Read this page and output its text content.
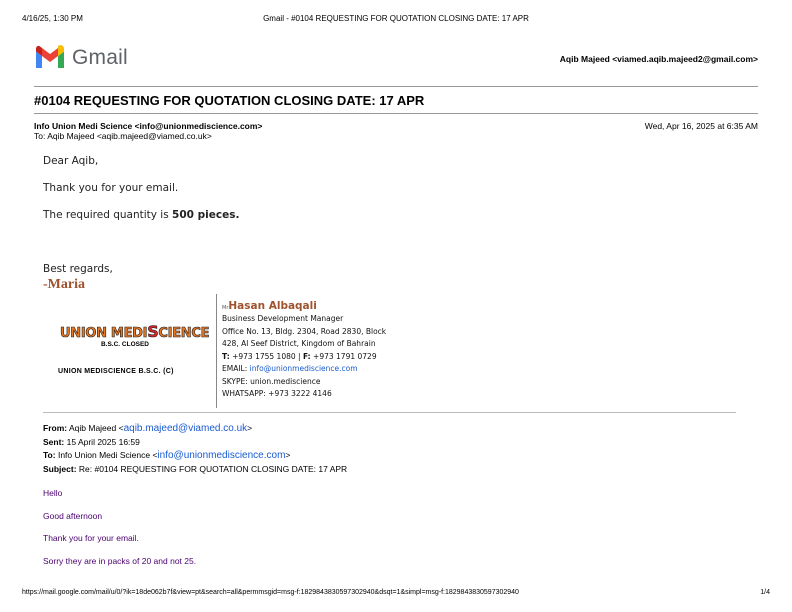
4/16/25, 1:30 PM	Gmail - #0104 REQUESTING FOR QUOTATION CLOSING DATE: 17 APR
Gmail	Aqib Majeed <viamed.aqib.majeed2@gmail.com>
#0104 REQUESTING FOR QUOTATION CLOSING DATE: 17 APR
Info Union Medi Science <info@unionmediscience.com>	Wed, Apr 16, 2025 at 6:35 AM
To: Aqib Majeed <aqib.majeed@viamed.co.uk>
Dear Aqib,
Thank you for your email.
The required quantity is 500 pieces.
Best regards,
-Maria
UNION MEDISCIENCE
B.S.C. CLOSED
UNION MEDISCIENCE B.S.C. (C)
MrHasan Albaqali
Business Development Manager
Office No. 13, Bldg. 2304, Road 2830, Block
428, Al Seef District, Kingdom of Bahrain
T: +973 1755 1080 | F: +973 1791 0729
EMAIL: info@unionmediscience.com
SKYPE: union.mediscience
WHATSAPP: +973 3222 4146
From: Aqib Majeed <aqib.majeed@viamed.co.uk>
Sent: 15 April 2025 16:59
To: Info Union Medi Science <info@unionmediscience.com>
Subject: Re: #0104 REQUESTING FOR QUOTATION CLOSING DATE: 17 APR
Hello
Good afternoon
Thank you for your email.
Sorry they are in packs of 20 and not 25.
https://mail.google.com/mail/u/0/?ik=18de062b7f&view=pt&search=all&permmsgid=msg-f:1829843830597302940&dsqt=1&simpl=msg-f:1829843830597302940	1/4
